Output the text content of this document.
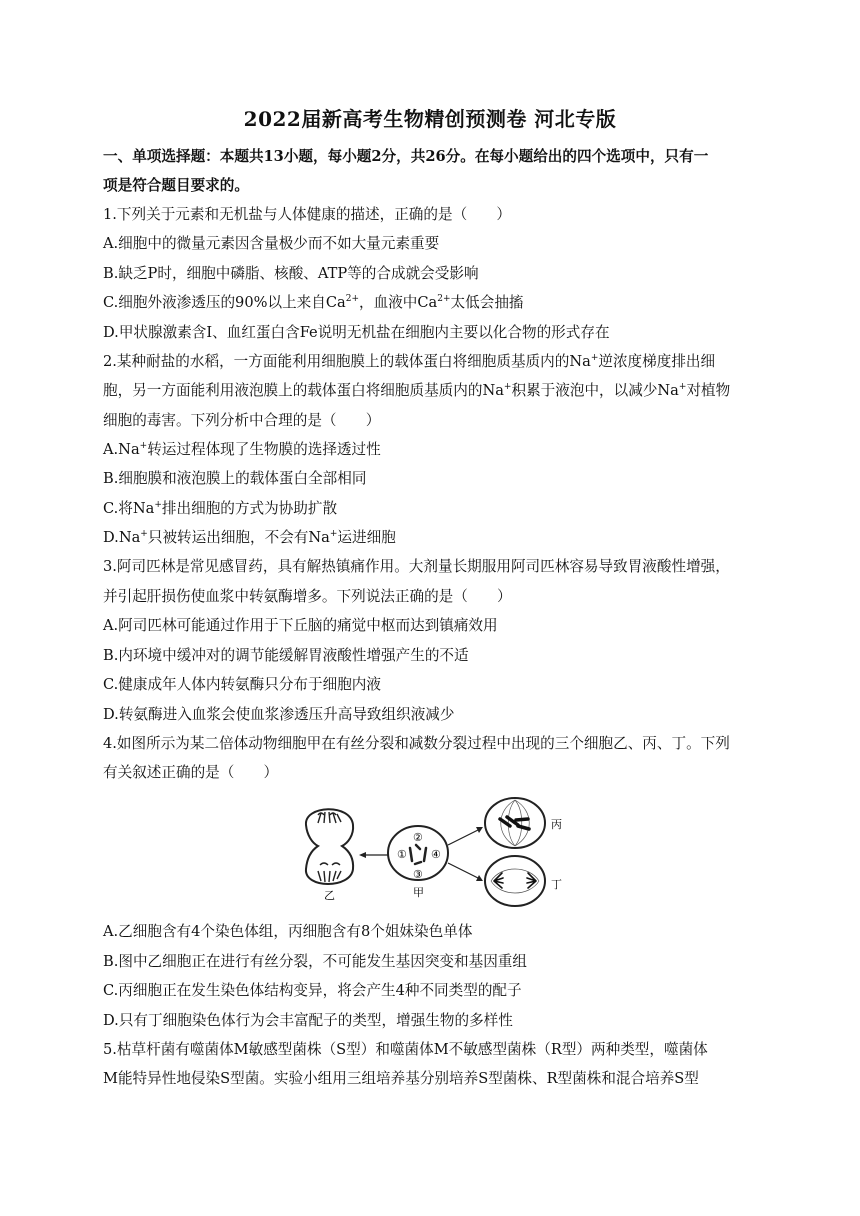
2022届新高考生物精创预测卷 河北专版
一、单项选择题：本题共13小题，每小题2分，共26分。在每小题给出的四个选项中，只有一
项是符合题目要求的。
1.下列关于元素和无机盐与人体健康的描述，正确的是（　　）
A.细胞中的微量元素因含量极少而不如大量元素重要
B.缺乏P时，细胞中磷脂、核酸、ATP等的合成就会受影响
C.细胞外液渗透压的90%以上来自$Ca^{2+}$，血液中$Ca^{2+}$太低会抽搐
D.甲状腺激素含I、血红蛋白含Fe说明无机盐在细胞内主要以化合物的形式存在
2.某种耐盐的水稻，一方面能利用细胞膜上的载体蛋白将细胞质基质内的Na+逆浓度梯度排出细
胞，另一方面能利用液泡膜上的载体蛋白将细胞质基质内的Na+积累于液泡中，以减少Na+对植物
细胞的毒害。下列分析中合理的是（　　）
A.Na+转运过程体现了生物膜的选择透过性
B.细胞膜和液泡膜上的载体蛋白全部相同
C.将Na+排出细胞的方式为协助扩散
D.Na+只被转运出细胞，不会有Na+运进细胞
3.阿司匹林是常见感冒药，具有解热镇痛作用。大剂量长期服用阿司匹林容易导致胃液酸性增强，
并引起肝损伤使血浆中转氨酶增多。下列说法正确的是（　　）
A.阿司匹林可能通过作用于下丘脑的痛觉中枢而达到镇痛效用
B.内环境中缓冲对的调节能缓解胃液酸性增强产生的不适
C.健康成年人体内转氨酶只分布于细胞内液
D.转氨酶进入血浆会使血浆渗透压升高导致组织液减少
4.如图所示为某二倍体动物细胞甲在有丝分裂和减数分裂过程中出现的三个细胞乙、丙、丁。下列
有关叙述正确的是（　　）
乙
①
②
③
④
甲
丙
丁
A.乙细胞含有4个染色体组，丙细胞含有8个姐妹染色单体
B.图中乙细胞正在进行有丝分裂，不可能发生基因突变和基因重组
C.丙细胞正在发生染色体结构变异，将会产生4种不同类型的配子
D.只有丁细胞染色体行为会丰富配子的类型，增强生物的多样性
5.枯草杆菌有噬菌体M敏感型菌株（S型）和噬菌体M不敏感型菌株（R型）两种类型，噬菌体
M能特异性地侵染S型菌。实验小组用三组培养基分别培养S型菌株、R型菌株和混合培养S型
